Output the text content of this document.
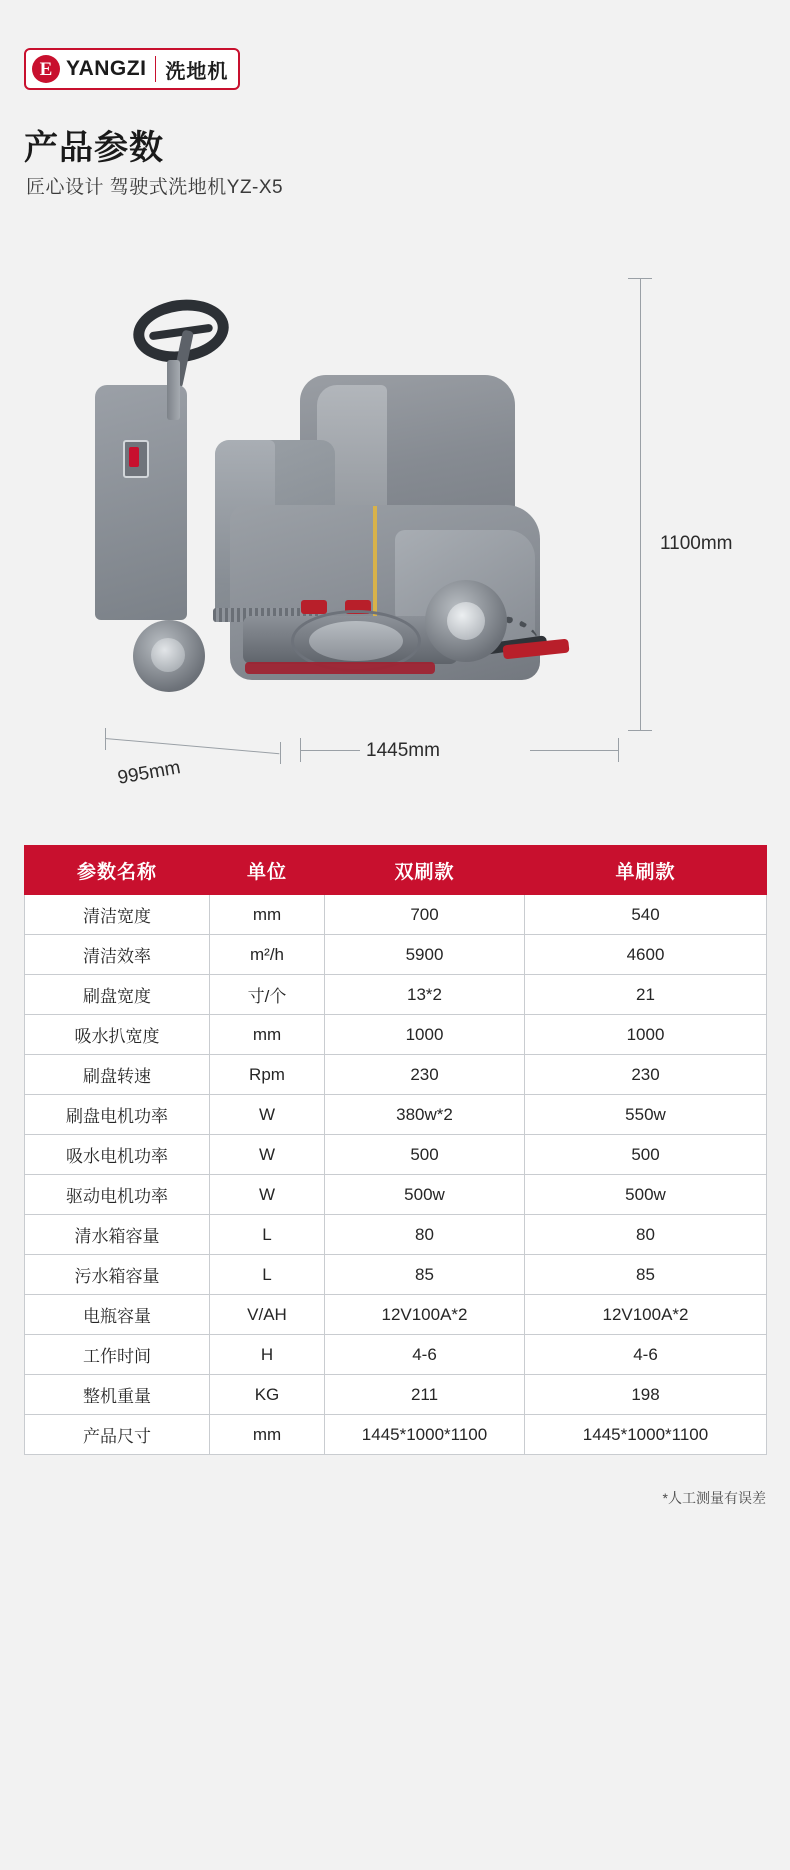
E YANGZI 洗地机
产品参数
匠心设计 驾驶式洗地机YZ-X5
1100mm
1445mm
995mm
参数名称	单位	双刷款	单刷款
清洁宽度	mm	700	540
清洁效率	m²/h	5900	4600
刷盘宽度	寸/个	13*2	21
吸水扒宽度	mm	1000	1000
刷盘转速	Rpm	230	230
刷盘电机功率	W	380w*2	550w
吸水电机功率	W	500	500
驱动电机功率	W	500w	500w
清水箱容量	L	80	80
污水箱容量	L	85	85
电瓶容量	V/AH	12V100A*2	12V100A*2
工作时间	H	4-6	4-6
整机重量	KG	211	198
产品尺寸	mm	1445*1000*1100	1445*1000*1100
*人工测量有误差
